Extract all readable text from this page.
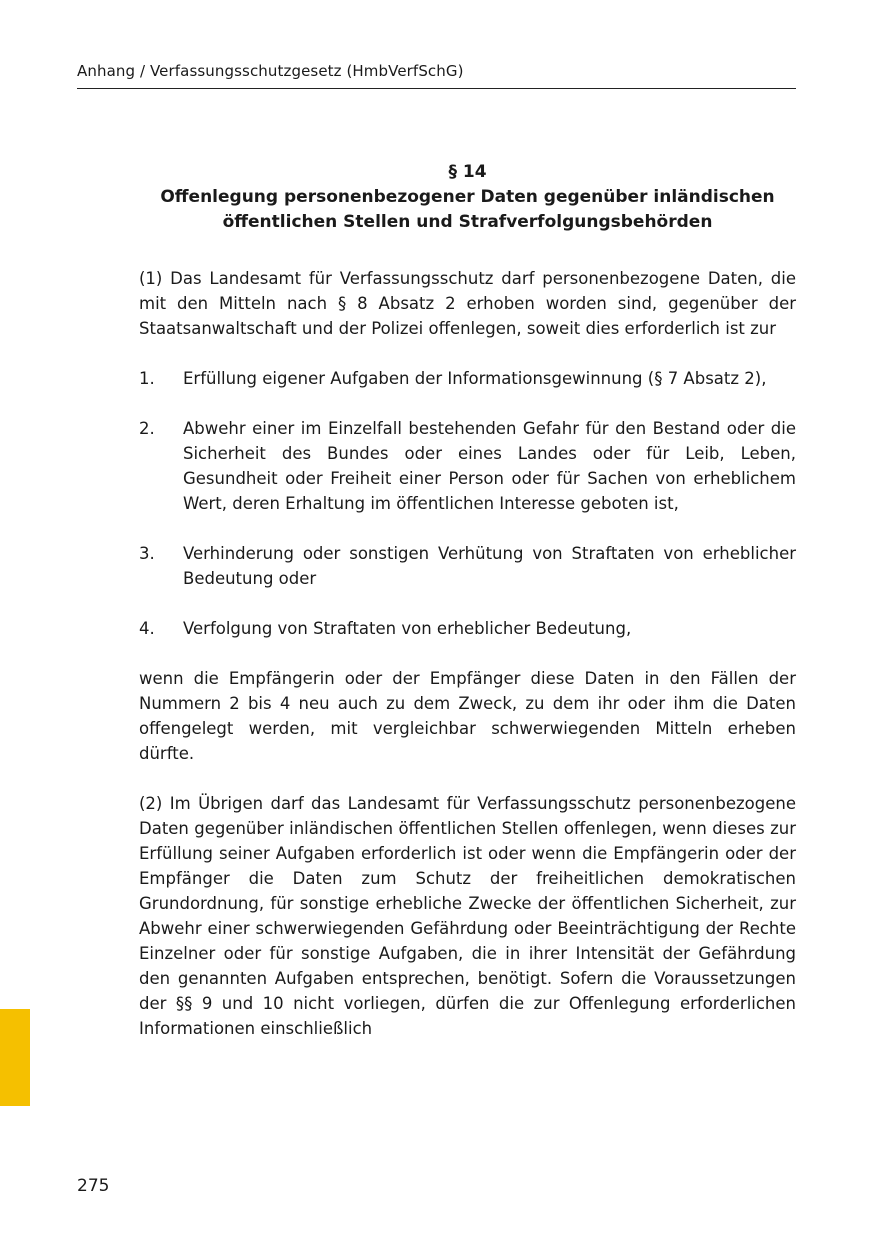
Anhang / Verfassungsschutzgesetz (HmbVerfSchG)
§ 14
Offenlegung personenbezogener Daten gegenüber inländischen
öffentlichen Stellen und Strafverfolgungsbehörden

(1) Das Landesamt für Verfassungsschutz darf personenbezogene Daten, die mit den Mitteln nach § 8 Absatz 2 erhoben worden sind, gegenüber der Staatsanwaltschaft und der Polizei offenlegen, soweit dies erforderlich ist zur

1.	Erfüllung eigener Aufgaben der Informationsgewinnung (§ 7 Absatz 2),
2.	Abwehr einer im Einzelfall bestehenden Gefahr für den Bestand oder die Sicherheit des Bundes oder eines Landes oder für Leib, Leben, Gesundheit oder Freiheit einer Person oder für Sachen von erheblichem Wert, deren Erhaltung im öffentlichen Interesse geboten ist,
3.	Verhinderung oder sonstigen Verhütung von Straftaten von erheblicher Bedeutung oder
4.	Verfolgung von Straftaten von erheblicher Bedeutung,

wenn die Empfängerin oder der Empfänger diese Daten in den Fällen der Nummern 2 bis 4 neu auch zu dem Zweck, zu dem ihr oder ihm die Daten offengelegt werden, mit vergleichbar schwerwiegenden Mitteln erheben dürfte.

(2) Im Übrigen darf das Landesamt für Verfassungsschutz personenbezogene Daten gegenüber inländischen öffentlichen Stellen offenlegen, wenn dieses zur Erfüllung seiner Aufgaben erforderlich ist oder wenn die Empfängerin oder der Empfänger die Daten zum Schutz der freiheitlichen demokratischen Grundordnung, für sonstige erhebliche Zwecke der öffentlichen Sicherheit, zur Abwehr einer schwerwiegenden Gefährdung oder Beeinträchtigung der Rechte Einzelner oder für sonstige Aufgaben, die in ihrer Intensität der Gefährdung den genannten Aufgaben entsprechen, benötigt. Sofern die Voraussetzungen der §§ 9 und 10 nicht vorliegen, dürfen die zur Offenlegung erforderlichen Informationen einschließlich

275
